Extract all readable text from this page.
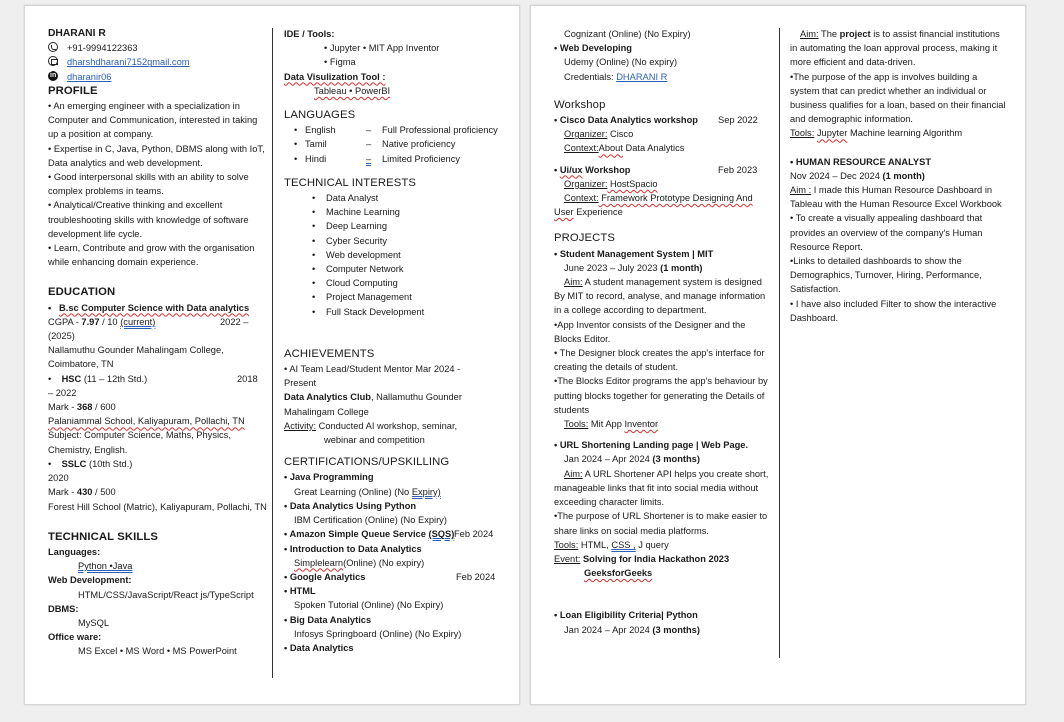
DHARANI R
+91-9994122363
dharshdharani7152gmail.com
indharanir06
PROFILE
• An emerging engineer with a specialization in
Computer and Communication, interested in taking
up a position at company.
• Expertise in C, Java, Python, DBMS along with IoT,
Data analytics and web development.
• Good interpersonal skills with an ability to solve
complex problems in teams.
• Analytical/Creative thinking and excellent
troubleshooting skills with knowledge of software
development life cycle.
• Learn, Contribute and grow with the organisation
while enhancing domain experience.
EDUCATION
•   B.sc Computer Science with Data analytics
CGPA - 7.97 / 10 (current)	2022 –
(2025)
Nallamuthu Gounder Mahalingam College,
Coimbatore, TN
•    HSC (11 – 12th Std.)	2018
– 2022
Mark - 368 / 600
Palaniammal School, Kaliyapuram, Pollachi, TN
Subject: Computer Science, Maths, Physics,
Chemistry, English.
•    SSLC (10th Std.)
2020
Mark - 430 / 500
Forest Hill School (Matric), Kaliyapuram, Pollachi, TN
TECHNICAL SKILLS
Languages:
Python •Java
Web Development:
HTML/CSS/JavaScript/React js/TypeScript
DBMS:
MySQL
Office ware:
MS Excel • MS Word • MS PowerPoint
IDE / Tools:
• Jupyter • MIT App Inventor
• Figma
Data Visulization Tool :
Tableau • PowerBI
LANGUAGES
•   English	– Full Professional proficiency
•   Tamil	– Native proficiency
•   Hindi	– Limited Proficiency
TECHNICAL INTERESTS
• Data Analyst
• Machine Learning
• Deep Learning
• Cyber Security
• Web development
• Computer Network
• Cloud Computing
• Project Management
• Full Stack Development
ACHIEVEMENTS
• AI Team Lead/Student Mentor Mar 2024 -
Present
Data Analytics Club, Nallamuthu Gounder
Mahalingam College
Activity: Conducted AI workshop, seminar,
webinar and competition
CERTIFICATIONS/UPSKILLING
• Java Programming
Great Learning (Online) (No Expiry)
• Data Analytics Using Python
IBM Certification (Online) (No Expiry)
• Amazon Simple Queue Service (SQS) Feb 2024
• Introduction to Data Analytics
Simplelearn(Online) (No expiry)
• Google Analytics	Feb 2024
• HTML
Spoken Tutorial (Online) (No Expiry)
• Big Data Analytics
Infosys Springboard (Online) (No Expiry)
• Data Analytics
Cognizant (Online) (No Expiry)
• Web Developing
Udemy (Online) (No expiry)
Credentials: DHARANI R
Workshop
• Cisco Data Analytics workshop Sep 2022
Organizer: Cisco
Context:About Data Analytics
• Ui/ux Workshop	Feb 2023
Organizer: HostSpacio
Context: Framework Prototype Designing And
User Experience
PROJECTS
• Student Management System | MIT
June 2023 – July 2023 (1 month)
Aim: A student management system is designed
By MIT to record, analyse, and manage information
in a college according to department.
•App Inventor consists of the Designer and the
Blocks Editor.
• The Designer block creates the app's interface for
creating the details of student.
•The Blocks Editor programs the app's behaviour by
putting blocks together for generating the Details of
students
Tools: Mit App Inventor
• URL Shortening Landing page | Web Page.
Jan 2024 – Apr 2024 (3 months)
Aim: A URL Shortener API helps you create short,
manageable links that fit into social media without
exceeding character limits.
•The purpose of URL Shortener is to make easier to
share links on social media platforms.
Tools: HTML, CSS , J query
Event: Solving for India Hackathon 2023
GeeksforGeeks
• Loan Eligibility Criteria| Python
Jan 2024 – Apr 2024 (3 months)
Aim: The project is to assist financial institutions
in automating the loan approval process, making it
more efficient and data-driven.
•The purpose of the app is involves building a
system that can predict whether an individual or
business qualifies for a loan, based on their financial
and demographic information.
Tools: Jupyter Machine learning Algorithm
• HUMAN RESOURCE ANALYST
Nov 2024 – Dec 2024 (1 month)
Aim : I made this Human Resource Dashboard in
Tableau with the Human Resource Excel Workbook
• To create a visually appealing dashboard that
provides an overview of the company's Human
Resource Report.
•Links to detailed dashboards to show the
Demographics, Turnover, Hiring, Performance,
Satisfaction.
• I have also included Filter to show the interactive
Dashboard.
